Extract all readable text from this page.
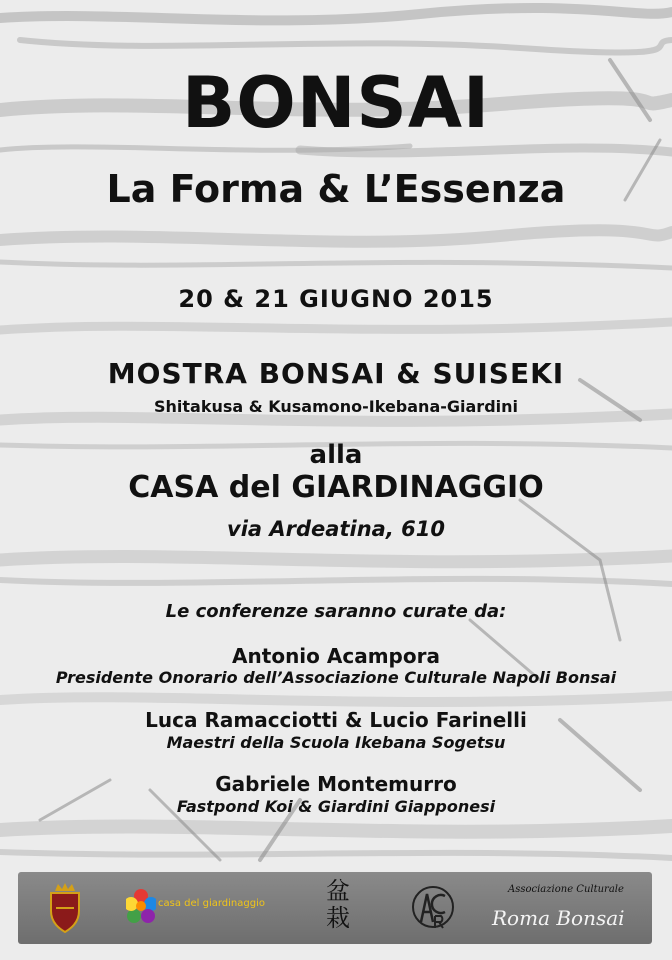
BONSAI
La Forma & L’Essenza
20 & 21 GIUGNO 2015
MOSTRA BONSAI & SUISEKI
Shitakusa & Kusamono-Ikebana-Giardini
alla
CASA del GIARDINAGGIO
via Ardeatina, 610
Le conferenze saranno curate da:
Antonio Acampora
Presidente Onorario dell’Associazione Culturale Napoli Bonsai
Luca Ramacciotti & Lucio Farinelli
Maestri della Scuola Ikebana Sogetsu
Gabriele Montemurro
Fastpond Koi & Giardini Giapponesi
casa del giardinaggio	盆
栽
Associazione Culturale
Roma Bonsai
